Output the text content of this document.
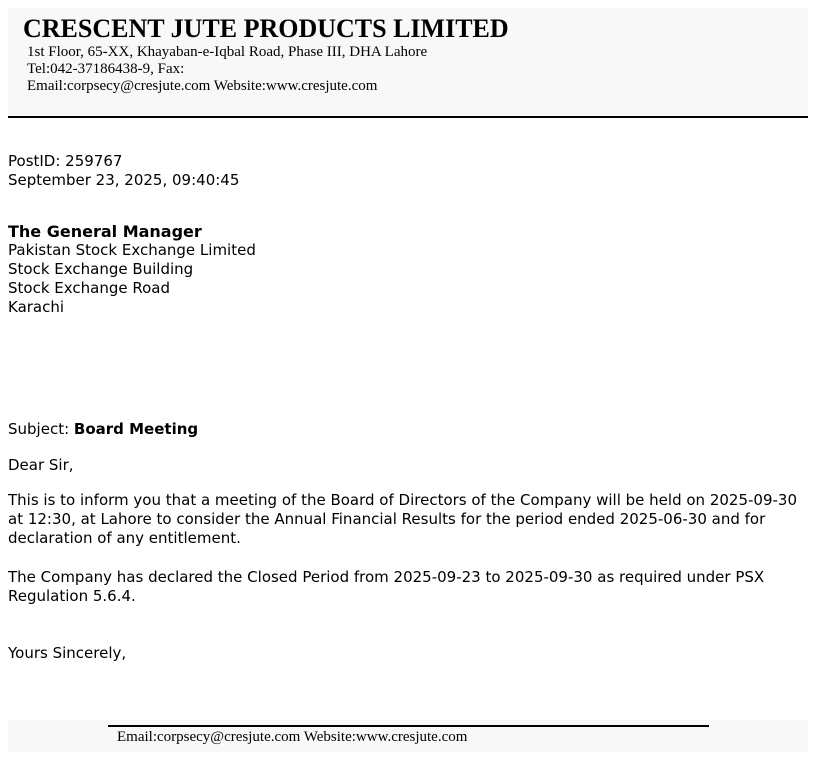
CRESCENT JUTE PRODUCTS LIMITED
1st Floor, 65-XX, Khayaban-e-Iqbal Road, Phase III, DHA Lahore
Tel:042-37186438-9, Fax:
Email:corpsecy@cresjute.com Website:www.cresjute.com
PostID: 259767
September 23, 2025, 09:40:45
The General Manager
Pakistan Stock Exchange Limited
Stock Exchange Building
Stock Exchange Road
Karachi
Subject: Board Meeting
Dear Sir,

This is to inform you that a meeting of the Board of Directors of the Company will be held on 2025-09-30 at 12:30, at Lahore to consider the Annual Financial Results for the period ended 2025-06-30 and for declaration of any entitlement.

The Company has declared the Closed Period from 2025-09-23 to 2025-09-30 as required under PSX Regulation 5.6.4.

Yours Sincerely,
Email:corpsecy@cresjute.com Website:www.cresjute.com
